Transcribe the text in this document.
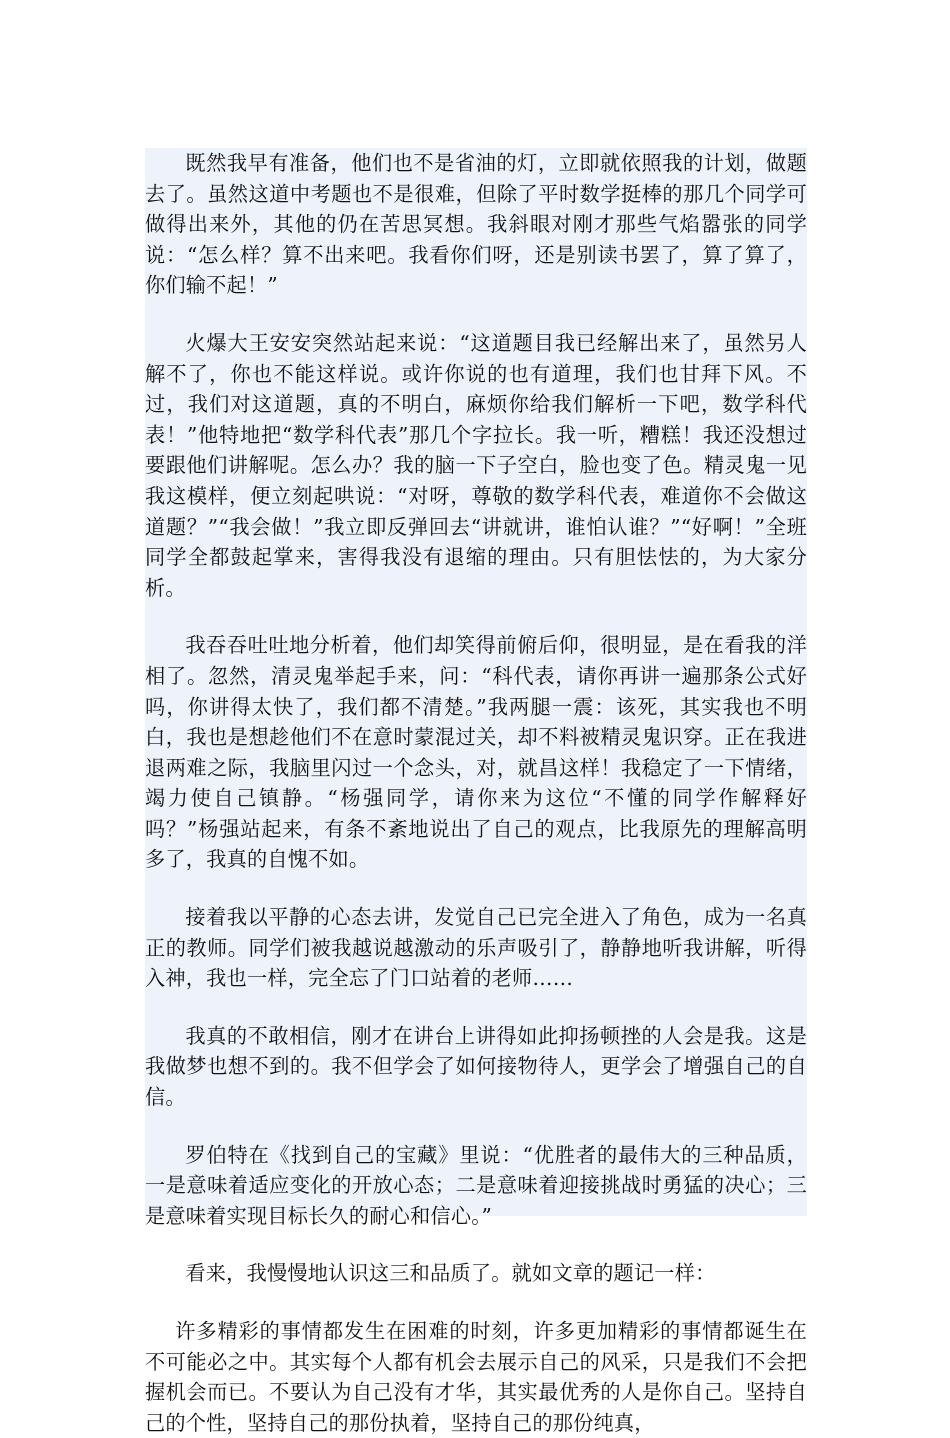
既然我早有准备，他们也不是省油的灯，立即就依照我的计划，做题去了。虽然这道中考题也不是很难，但除了平时数学挺棒的那几个同学可做得出来外，其他的仍在苦思冥想。我斜眼对刚才那些气焰嚣张的同学说：“怎么样？算不出来吧。我看你们呀，还是别读书罢了，算了算了，你们输不起！”

火爆大王安安突然站起来说：“这道题目我已经解出来了，虽然另人解不了，你也不能这样说。或许你说的也有道理，我们也甘拜下风。不过，我们对这道题，真的不明白，麻烦你给我们解析一下吧，数学科代表！”他特地把“数学科代表”那几个字拉长。我一听，糟糕！我还没想过要跟他们讲解呢。怎么办？我的脑一下子空白，脸也变了色。精灵鬼一见我这模样，便立刻起哄说：“对呀，尊敬的数学科代表，难道你不会做这道题？”“我会做！”我立即反弹回去“讲就讲，谁怕认谁？”“好啊！”全班同学全都鼓起掌来，害得我没有退缩的理由。只有胆怯怯的，为大家分析。

我吞吞吐吐地分析着，他们却笑得前俯后仰，很明显，是在看我的洋相了。忽然，清灵鬼举起手来，问：“科代表，请你再讲一遍那条公式好吗，你讲得太快了，我们都不清楚。”我两腿一震：该死，其实我也不明白，我也是想趁他们不在意时蒙混过关，却不料被精灵鬼识穿。正在我进退两难之际，我脑里闪过一个念头，对，就昌这样！我稳定了一下情绪，竭力使自己镇静。“杨强同学，请你来为这位“不懂的同学作解释好吗？”杨强站起来，有条不紊地说出了自己的观点，比我原先的理解高明多了，我真的自愧不如。

接着我以平静的心态去讲，发觉自己已完全进入了角色，成为一名真正的教师。同学们被我越说越激动的乐声吸引了，静静地听我讲解，听得入神，我也一样，完全忘了门口站着的老师……

我真的不敢相信，刚才在讲台上讲得如此抑扬顿挫的人会是我。这是我做梦也想不到的。我不但学会了如何接物待人，更学会了增强自己的自信。

罗伯特在《找到自己的宝藏》里说：“优胜者的最伟大的三种品质，一是意味着适应变化的开放心态；二是意味着迎接挑战时勇猛的决心；三是意味着实现目标长久的耐心和信心。”

看来，我慢慢地认识这三和品质了。就如文章的题记一样：

许多精彩的事情都发生在困难的时刻，许多更加精彩的事情都诞生在不可能必之中。其实每个人都有机会去展示自己的风采，只是我们不会把握机会而已。不要认为自己没有才华，其实最优秀的人是你自己。坚持自己的个性，坚持自己的那份执着，坚持自己的那份纯真，
